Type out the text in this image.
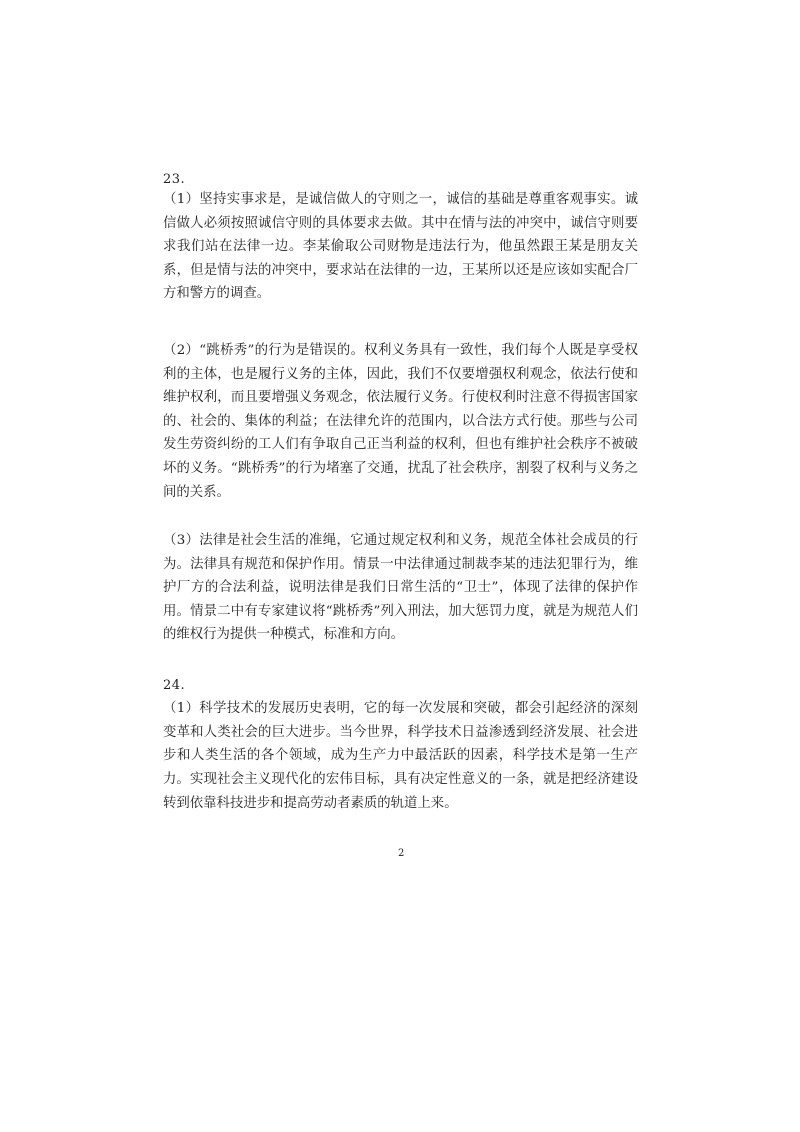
23.

（1）坚持实事求是，是诚信做人的守则之一，诚信的基础是尊重客观事实。诚信做人必须按照诚信守则的具体要求去做。其中在情与法的冲突中，诚信守则要求我们站在法律一边。李某偷取公司财物是违法行为，他虽然跟王某是朋友关系，但是情与法的冲突中，要求站在法律的一边，王某所以还是应该如实配合厂方和警方的调查。

（2）“跳桥秀”的行为是错误的。权利义务具有一致性，我们每个人既是享受权利的主体，也是履行义务的主体，因此，我们不仅要增强权利观念，依法行使和维护权利，而且要增强义务观念，依法履行义务。行使权利时注意不得损害国家的、社会的、集体的利益；在法律允许的范围内，以合法方式行使。那些与公司发生劳资纠纷的工人们有争取自己正当利益的权利，但也有维护社会秩序不被破坏的义务。“跳桥秀”的行为堵塞了交通，扰乱了社会秩序，割裂了权利与义务之间的关系。

（3）法律是社会生活的准绳，它通过规定权利和义务，规范全体社会成员的行为。法律具有规范和保护作用。情景一中法律通过制裁李某的违法犯罪行为，维护厂方的合法利益，说明法律是我们日常生活的“卫士”，体现了法律的保护作用。情景二中有专家建议将“跳桥秀”列入刑法，加大惩罚力度，就是为规范人们的维权行为提供一种模式，标准和方向。

24.

（1）科学技术的发展历史表明，它的每一次发展和突破，都会引起经济的深刻变革和人类社会的巨大进步。当今世界，科学技术日益渗透到经济发展、社会进步和人类生活的各个领域，成为生产力中最活跃的因素，科学技术是第一生产力。 实现社会主义现代化的宏伟目标，具有决定性意义的一条，就是把经济建设转到依靠科技进步和提高劳动者素质的轨道上来。

2
